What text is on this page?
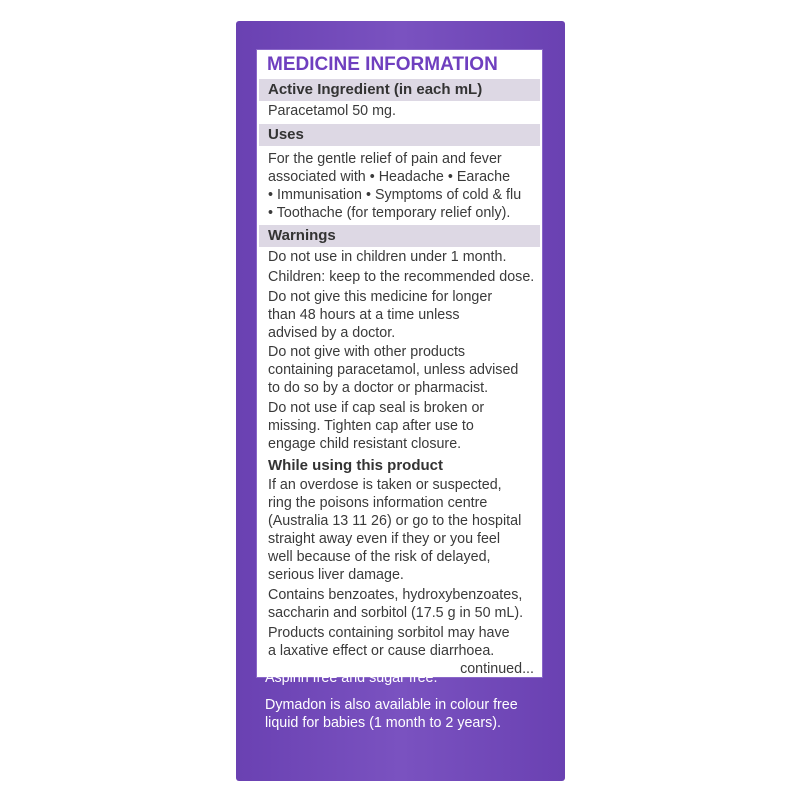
MEDICINE INFORMATION
Active Ingredient (in each mL)
Paracetamol 50 mg.
Uses
For the gentle relief of pain and fever
associated with • Headache • Earache
• Immunisation • Symptoms of cold & flu
• Toothache (for temporary relief only).
Warnings
Do not use in children under 1 month.
Children: keep to the recommended dose.
Do not give this medicine for longer
than 48 hours at a time unless
advised by a doctor.
Do not give with other products
containing paracetamol, unless advised
to do so by a doctor or pharmacist.
Do not use if cap seal is broken or
missing. Tighten cap after use to
engage child resistant closure.
While using this product
If an overdose is taken or suspected,
ring the poisons information centre
(Australia 13 11 26) or go to the hospital
straight away even if they or you feel
well because of the risk of delayed,
serious liver damage.
Contains benzoates, hydroxybenzoates,
saccharin and sorbitol (17.5 g in 50 mL).
Products containing sorbitol may have
a laxative effect or cause diarrhoea.
continued...
Aspirin free and sugar free.
Dymadon is also available in colour free
liquid for babies (1 month to 2 years).
